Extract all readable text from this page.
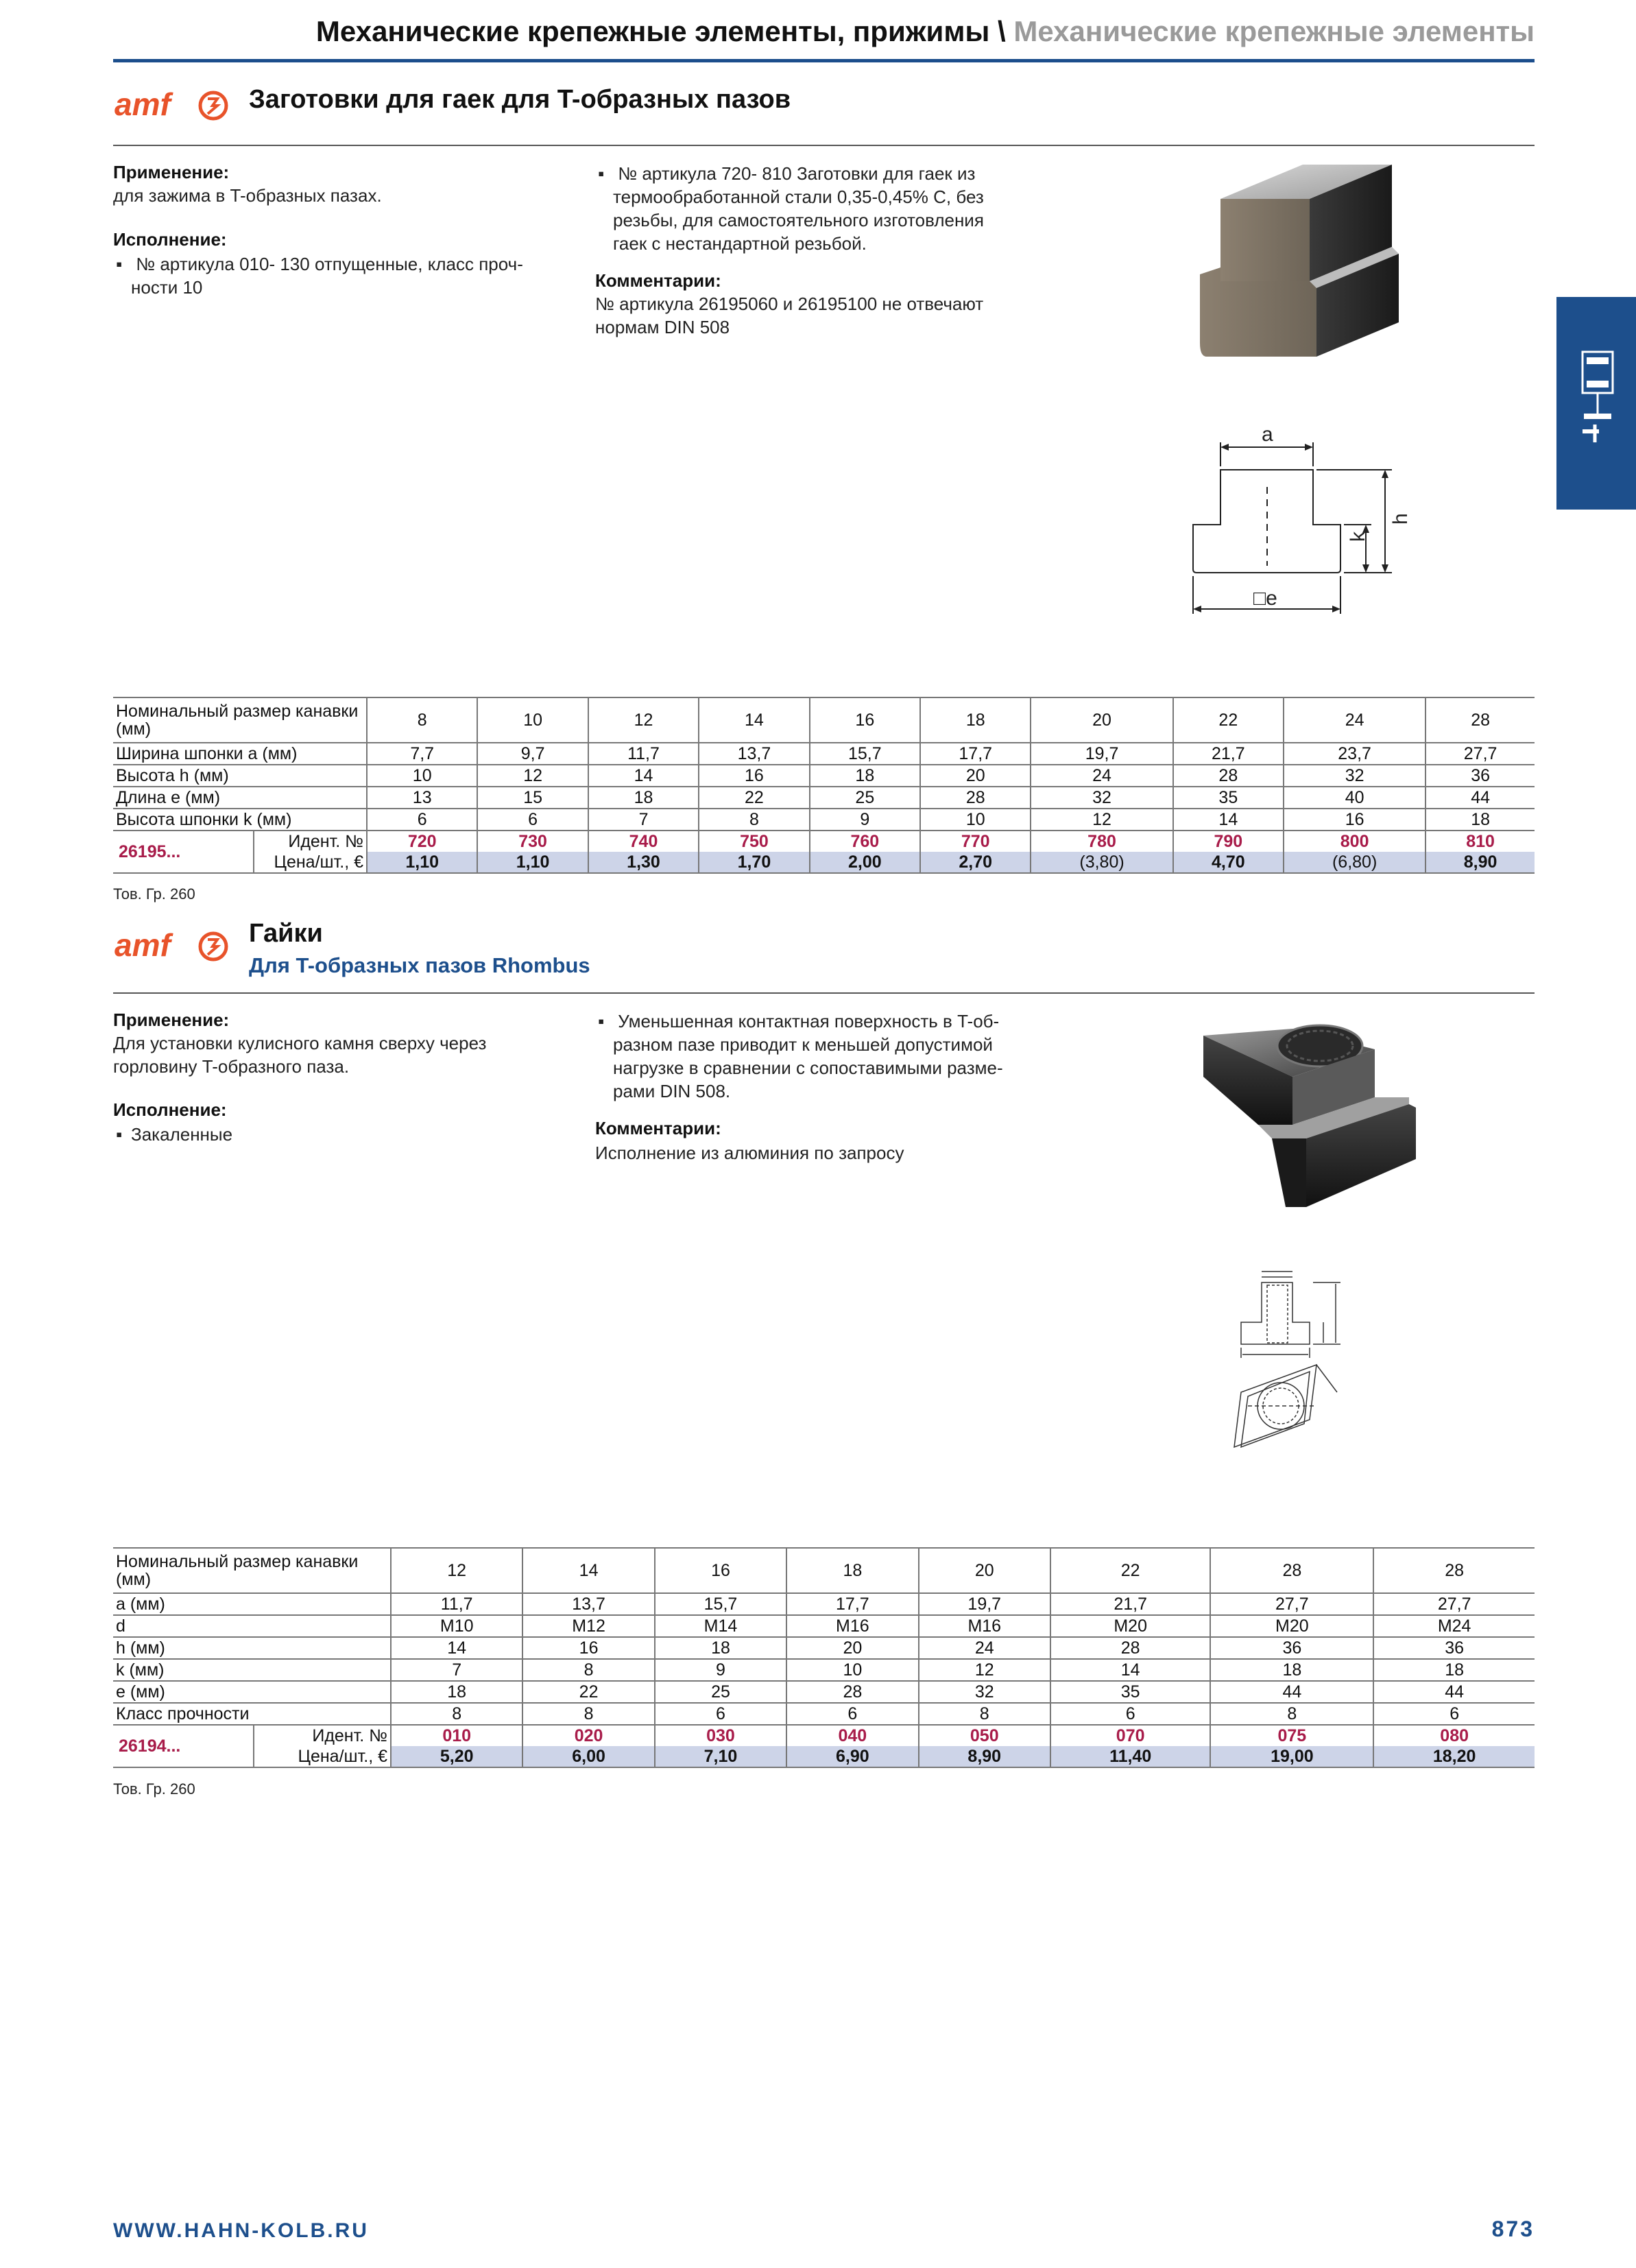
Механические крепежные элементы, прижимы \ Механические крепежные элементы
amf	Заготовки для гаек для T-образных пазов
Применение:
для зажима в T-образных пазах.
Исполнение:
▪ № артикула 010- 130 отпущенные, класс проч-
ности 10
▪ № артикула 720- 810 Заготовки для гаек из
термообработанной стали 0,35-0,45% С, без
резьбы, для самостоятельного изготовления
гаек с нестандартной резьбой.
Комментарии:
№ артикула 26195060 и 26195100 не отвечают
нормам DIN 508
a
h
k
□e
Номинальный размер канавки (мм)		8	10	12	14	16	18	20	22	24	28
Ширина шпонки a (мм)		7,7	9,7	11,7	13,7	15,7	17,7	19,7	21,7	23,7	27,7
Высота h (мм)		10	12	14	16	18	20	24	28	32	36
Длина e (мм)		13	15	18	22	25	28	32	35	40	44
Высота шпонки k (мм)		6	6	7	8	9	10	12	14	16	18
26195...	Идент. №	720	730	740	750	760	770	780	790	800	810
	Цена/шт., €	1,10	1,10	1,30	1,70	2,00	2,70	(3,80)	4,70	(6,80)	8,90
Тов. Гр. 260
amf	Гайки
Для T-образных пазов Rhombus
Применение:
Для установки кулисного камня сверху через
горловину T-образного паза.
Исполнение:
▪ Закаленные
▪ Уменьшенная контактная поверхность в T-об-
разном пазе приводит к меньшей допустимой
нагрузке в сравнении с сопоставимыми разме-
рами DIN 508.
Комментарии:
Исполнение из алюминия по запросу
Номинальный размер канавки (мм)		12	14	16	18	20	22	28	28
a (мм)		11,7	13,7	15,7	17,7	19,7	21,7	27,7	27,7
d		M10	M12	M14	M16	M16	M20	M20	M24
h (мм)		14	16	18	20	24	28	36	36
k (мм)		7	8	9	10	12	14	18	18
e (мм)		18	22	25	28	32	35	44	44
Класс прочности		8	8	6	6	8	6	8	6
26194...	Идент. №	010	020	030	040	050	070	075	080
	Цена/шт., €	5,20	6,00	7,10	6,90	8,90	11,40	19,00	18,20
Тов. Гр. 260
WWW.HAHN-KOLB.RU	873
